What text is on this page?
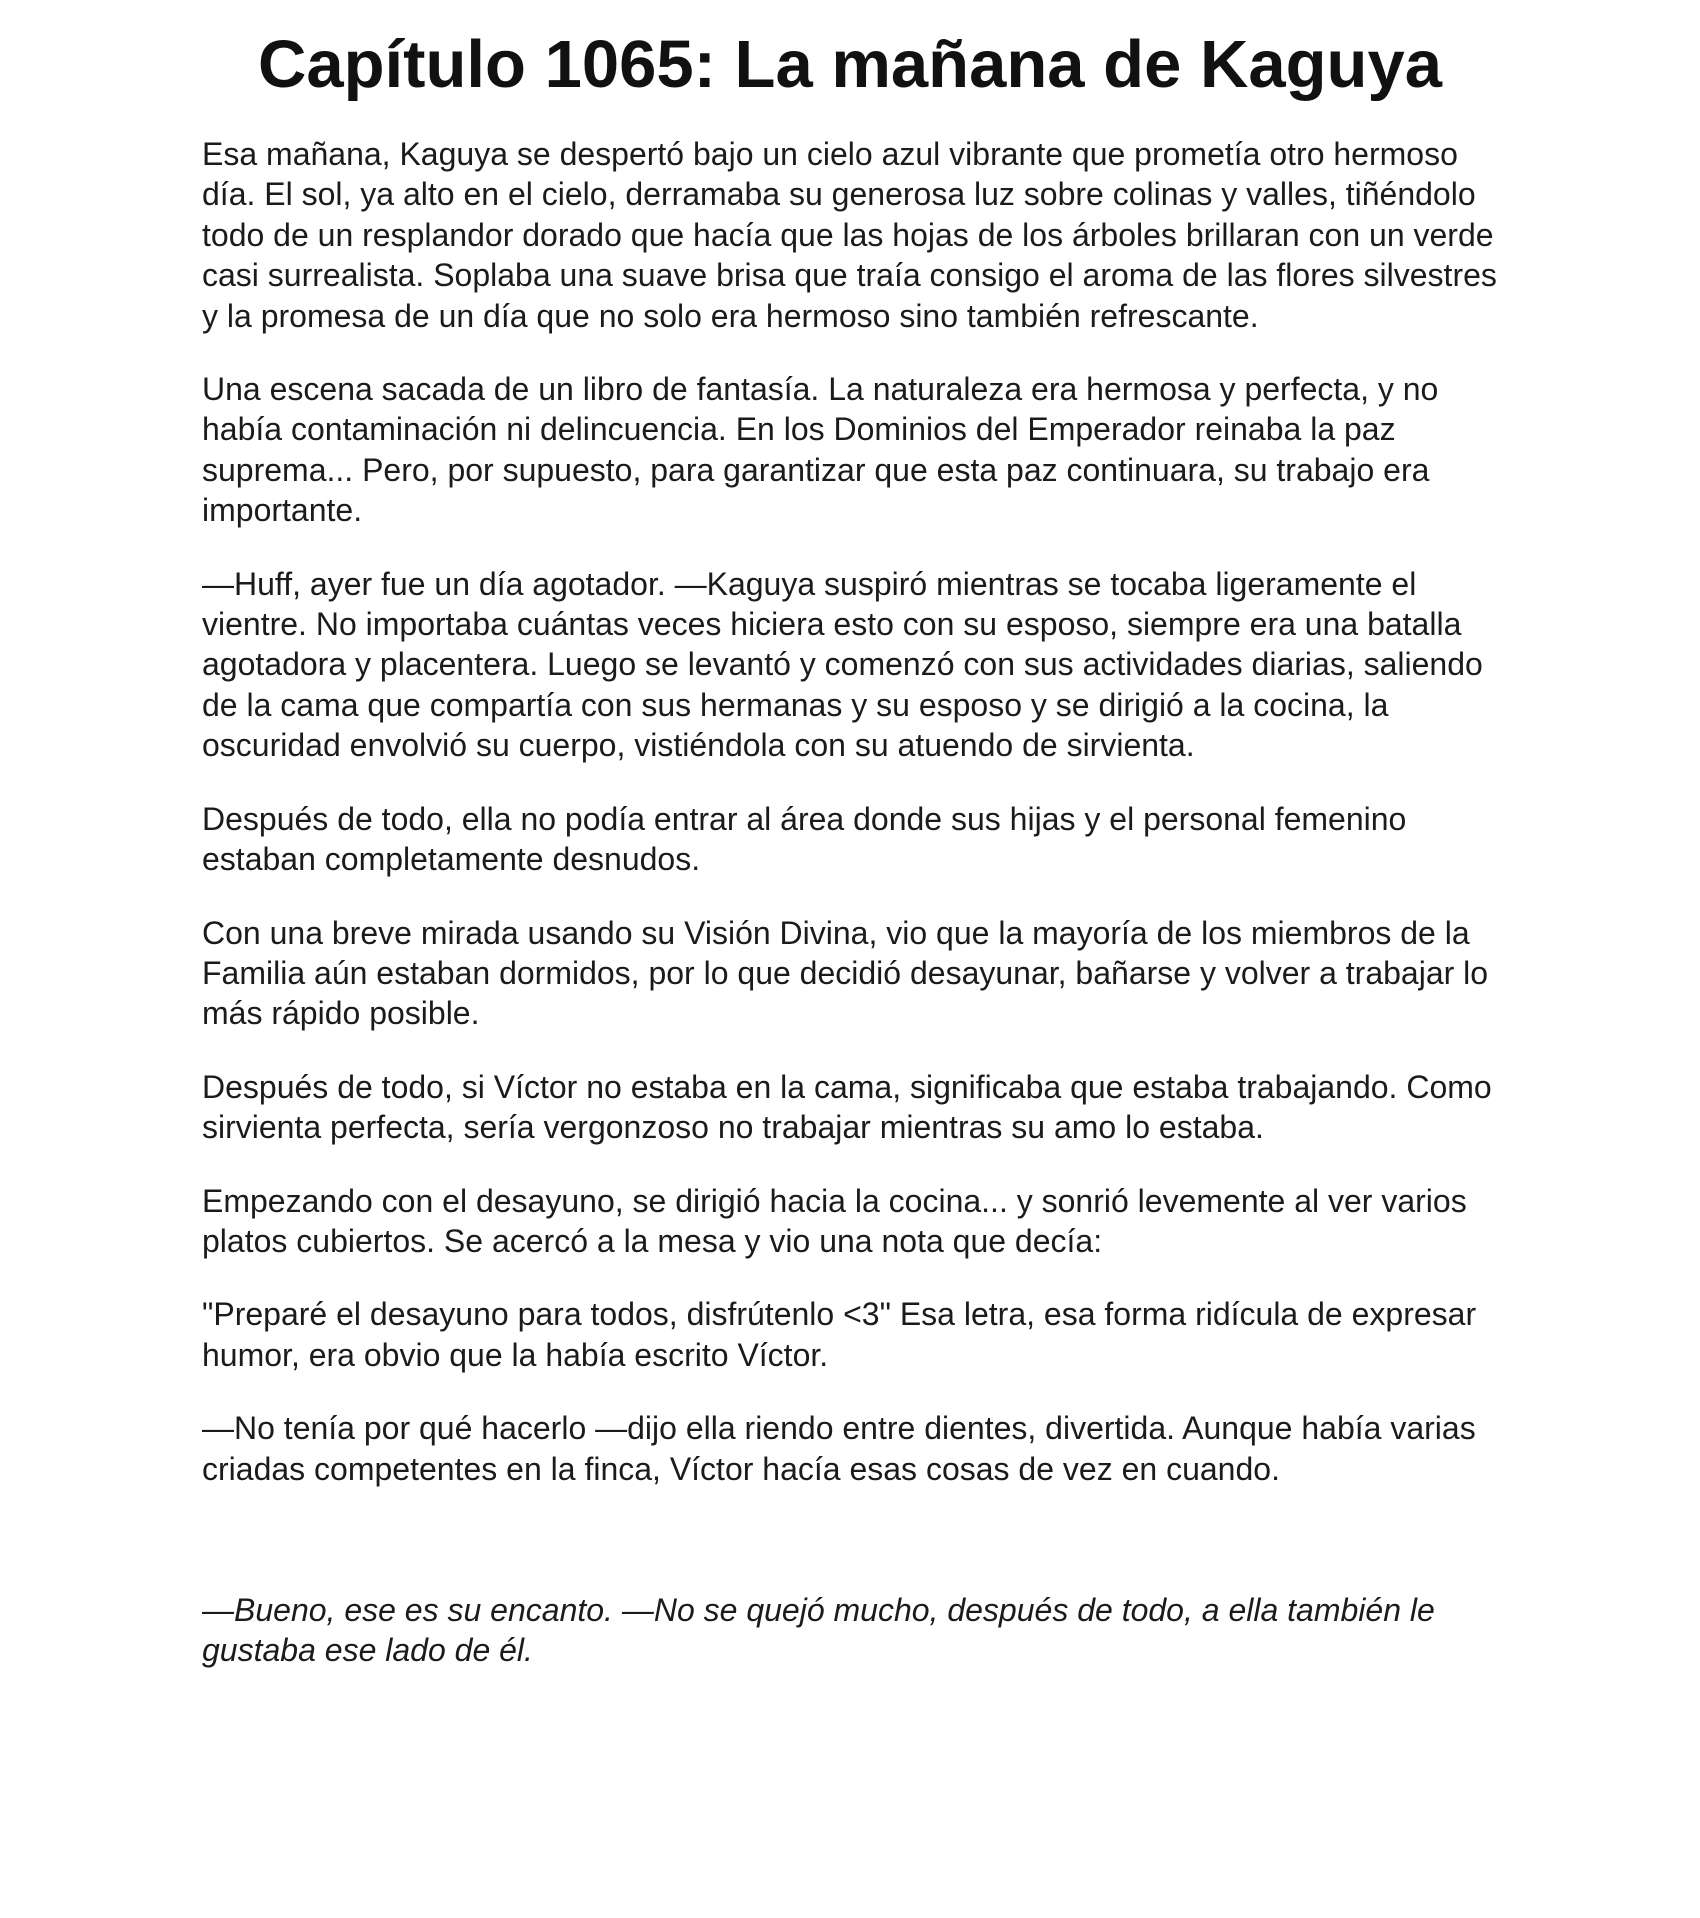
Capítulo 1065: La mañana de Kaguya

Esa mañana, Kaguya se despertó bajo un cielo azul vibrante que prometía otro hermoso día. El sol, ya alto en el cielo, derramaba su generosa luz sobre colinas y valles, tiñéndolo todo de un resplandor dorado que hacía que las hojas de los árboles brillaran con un verde casi surrealista. Soplaba una suave brisa que traía consigo el aroma de las flores silvestres y la promesa de un día que no solo era hermoso sino también refrescante.

Una escena sacada de un libro de fantasía. La naturaleza era hermosa y perfecta, y no había contaminación ni delincuencia. En los Dominios del Emperador reinaba la paz suprema... Pero, por supuesto, para garantizar que esta paz continuara, su trabajo era importante.

—Huff, ayer fue un día agotador. —Kaguya suspiró mientras se tocaba ligeramente el vientre. No importaba cuántas veces hiciera esto con su esposo, siempre era una batalla agotadora y placentera. Luego se levantó y comenzó con sus actividades diarias, saliendo de la cama que compartía con sus hermanas y su esposo y se dirigió a la cocina, la oscuridad envolvió su cuerpo, vistiéndola con su atuendo de sirvienta.

Después de todo, ella no podía entrar al área donde sus hijas y el personal femenino estaban completamente desnudos.

Con una breve mirada usando su Visión Divina, vio que la mayoría de los miembros de la Familia aún estaban dormidos, por lo que decidió desayunar, bañarse y volver a trabajar lo más rápido posible.

Después de todo, si Víctor no estaba en la cama, significaba que estaba trabajando. Como sirvienta perfecta, sería vergonzoso no trabajar mientras su amo lo estaba.

Empezando con el desayuno, se dirigió hacia la cocina... y sonrió levemente al ver varios platos cubiertos. Se acercó a la mesa y vio una nota que decía:

"Preparé el desayuno para todos, disfrútenlo <3" Esa letra, esa forma ridícula de expresar humor, era obvio que la había escrito Víctor.

—No tenía por qué hacerlo —dijo ella riendo entre dientes, divertida. Aunque había varias criadas competentes en la finca, Víctor hacía esas cosas de vez en cuando.

—Bueno, ese es su encanto. —No se quejó mucho, después de todo, a ella también le gustaba ese lado de él.
